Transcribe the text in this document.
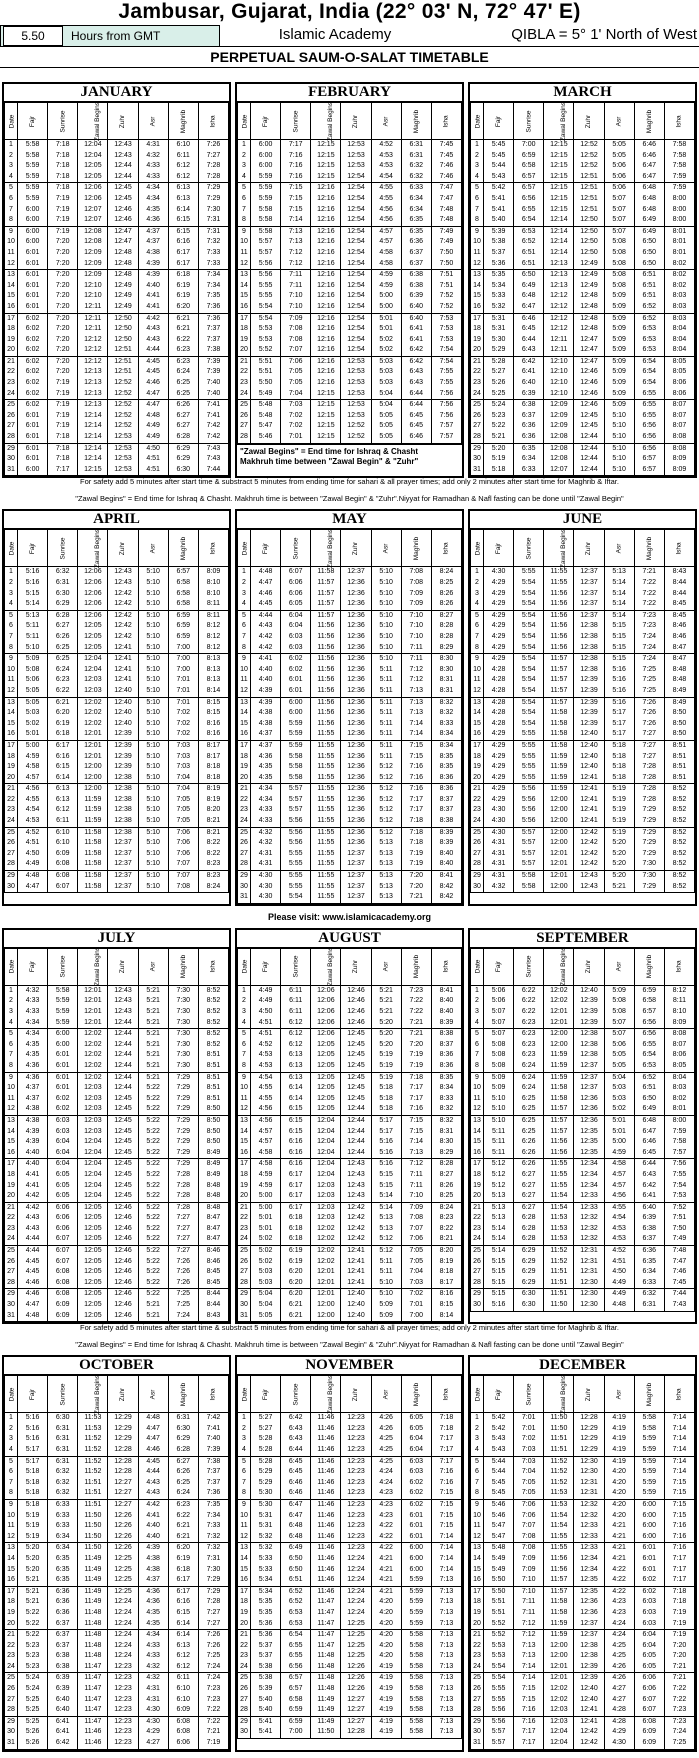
Jambusar, Gujarat, India (22° 03' N, 72° 47' E)
5.50	Hours from GMT	Islamic Academy	QIBLA = 5° 1' North of West
PERPETUAL SAUM-O-SALAT TIMETABLE
JANUARY
Date	Fajr	Sunrise	Zawal Begins	Zuhr	Asr	Maghrib	Isha
1	5:58	7:18	12:04	12:43	4:31	6:10	7:26
2	5:58	7:18	12:04	12:43	4:32	6:11	7:27
3	5:59	7:18	12:05	12:44	4:33	6:12	7:28
4	5:59	7:18	12:05	12:44	4:33	6:12	7:28
5	5:59	7:18	12:06	12:45	4:34	6:13	7:29
6	5:59	7:19	12:06	12:45	4:34	6:13	7:29
7	6:00	7:19	12:07	12:46	4:35	6:14	7:30
8	6:00	7:19	12:07	12:46	4:36	6:15	7:31
9	6:00	7:19	12:08	12:47	4:37	6:15	7:31
10	6:00	7:20	12:08	12:47	4:37	6:16	7:32
11	6:01	7:20	12:09	12:48	4:38	6:17	7:33
12	6:01	7:20	12:09	12:48	4:39	6:17	7:33
13	6:01	7:20	12:09	12:48	4:39	6:18	7:34
14	6:01	7:20	12:10	12:49	4:40	6:19	7:34
15	6:01	7:20	12:10	12:49	4:41	6:19	7:35
16	6:01	7:20	12:11	12:49	4:41	6:20	7:36
17	6:02	7:20	12:11	12:50	4:42	6:21	7:36
18	6:02	7:20	12:11	12:50	4:43	6:21	7:37
19	6:02	7:20	12:12	12:50	4:43	6:22	7:37
20	6:02	7:20	12:12	12:51	4:44	6:23	7:38
21	6:02	7:20	12:12	12:51	4:45	6:23	7:39
22	6:02	7:20	12:13	12:51	4:45	6:24	7:39
23	6:02	7:19	12:13	12:52	4:46	6:25	7:40
24	6:02	7:19	12:13	12:52	4:47	6:25	7:40
25	6:02	7:19	12:13	12:52	4:47	6:26	7:41
26	6:01	7:19	12:14	12:52	4:48	6:27	7:41
27	6:01	7:19	12:14	12:52	4:49	6:27	7:42
28	6:01	7:18	12:14	12:53	4:49	6:28	7:42
29	6:01	7:18	12:14	12:53	4:50	6:29	7:43
30	6:01	7:18	12:14	12:53	4:51	6:29	7:43
31	6:00	7:17	12:15	12:53	4:51	6:30	7:44
FEBRUARY
Date	Fajr	Sunrise	Zawal Begins	Zuhr	Asr	Maghrib	Isha
1	6:00	7:17	12:15	12:53	4:52	6:31	7:45
2	6:00	7:16	12:15	12:53	4:53	6:31	7:45
3	6:00	7:16	12:15	12:53	4:53	6:32	7:46
4	5:59	7:16	12:15	12:54	4:54	6:32	7:46
5	5:59	7:15	12:16	12:54	4:55	6:33	7:47
6	5:59	7:15	12:16	12:54	4:55	6:34	7:47
7	5:58	7:15	12:16	12:54	4:56	6:34	7:48
8	5:58	7:14	12:16	12:54	4:56	6:35	7:48
9	5:58	7:13	12:16	12:54	4:57	6:35	7:49
10	5:57	7:13	12:16	12:54	4:57	6:36	7:49
11	5:57	7:12	12:16	12:54	4:58	6:37	7:50
12	5:56	7:12	12:16	12:54	4:58	6:37	7:50
13	5:56	7:11	12:16	12:54	4:59	6:38	7:51
14	5:55	7:11	12:16	12:54	4:59	6:38	7:51
15	5:55	7:10	12:16	12:54	5:00	6:39	7:52
16	5:54	7:10	12:16	12:54	5:00	6:40	7:52
17	5:54	7:09	12:16	12:54	5:01	6:40	7:53
18	5:53	7:08	12:16	12:54	5:01	6:41	7:53
19	5:53	7:08	12:16	12:54	5:02	6:41	7:53
20	5:52	7:07	12:16	12:54	5:02	6:42	7:54
21	5:51	7:06	12:16	12:53	5:03	6:42	7:54
22	5:51	7:05	12:16	12:53	5:03	6:43	7:55
23	5:50	7:05	12:16	12:53	5:03	6:43	7:55
24	5:49	7:04	12:15	12:53	5:04	6:44	7:56
25	5:48	7:03	12:15	12:53	5:04	6:44	7:56
26	5:48	7:02	12:15	12:53	5:05	6:45	7:56
27	5:47	7:02	12:15	12:52	5:05	6:45	7:57
28	5:46	7:01	12:15	12:52	5:05	6:46	7:57
"Zawal Begins" = End time for Ishraq & Chasht
Makhruh time between "Zawal Begin" & "Zuhr"
MARCH
Date	Fajr	Sunrise	Zawal Begins	Zuhr	Asr	Maghrib	Isha
1	5:45	7:00	12:15	12:52	5:05	6:46	7:58
2	5:45	6:59	12:15	12:52	5:05	6:46	7:58
3	5:44	6:58	12:15	12:52	5:06	6:47	7:58
4	5:43	6:57	12:15	12:51	5:06	6:47	7:59
5	5:42	6:57	12:15	12:51	5:06	6:48	7:59
6	5:41	6:56	12:15	12:51	5:07	6:48	8:00
7	5:41	6:55	12:15	12:51	5:07	6:48	8:00
8	5:40	6:54	12:14	12:50	5:07	6:49	8:00
9	5:39	6:53	12:14	12:50	5:07	6:49	8:01
10	5:38	6:52	12:14	12:50	5:08	6:50	8:01
11	5:37	6:51	12:14	12:50	5:08	6:50	8:01
12	5:36	6:51	12:13	12:49	5:08	6:50	8:02
13	5:35	6:50	12:13	12:49	5:08	6:51	8:02
14	5:34	6:49	12:13	12:49	5:08	6:51	8:02
15	5:33	6:48	12:12	12:48	5:09	6:51	8:03
16	5:32	6:47	12:12	12:48	5:09	6:52	8:03
17	5:31	6:46	12:12	12:48	5:09	6:52	8:03
18	5:31	6:45	12:12	12:48	5:09	6:53	8:04
19	5:30	6:44	12:11	12:47	5:09	6:53	8:04
20	5:29	6:43	12:11	12:47	5:09	6:53	8:04
21	5:28	6:42	12:10	12:47	5:09	6:54	8:05
22	5:27	6:41	12:10	12:46	5:09	6:54	8:05
23	5:26	6:40	12:10	12:46	5:09	6:54	8:06
24	5:25	6:39	12:10	12:46	5:09	6:55	8:06
25	5:24	6:38	12:09	12:46	5:09	6:55	8:07
26	5:23	6:37	12:09	12:45	5:10	6:55	8:07
27	5:22	6:36	12:09	12:45	5:10	6:56	8:07
28	5:21	6:36	12:08	12:44	5:10	6:56	8:08
29	5:20	6:35	12:08	12:44	5:10	6:56	8:08
30	5:19	6:34	12:08	12:44	5:10	6:57	8:09
31	5:18	6:33	12:07	12:44	5:10	6:57	8:09
For safety add 5 minutes after start time & substract 5 minutes from ending time for sahari & all prayer times; add only 2 minutes after start time for Maghrib & Iftar.
"Zawal Begins" = End time for Ishraq & Chasht. Makhruh time is between "Zawal Begin" & "Zuhr".Niyyat for Ramadhan & Nafl fasting can be done until "Zawal Begin"
APRIL
Date	Fajr	Sunrise	Zawal Begins	Zuhr	Asr	Maghrib	Isha
1	5:16	6:32	12:06	12:43	5:10	6:57	8:09
2	5:16	6:31	12:06	12:43	5:10	6:58	8:10
3	5:15	6:30	12:06	12:42	5:10	6:58	8:10
4	5:14	6:29	12:06	12:42	5:10	6:58	8:11
5	5:13	6:28	12:06	12:42	5:10	6:59	8:11
6	5:11	6:27	12:05	12:42	5:10	6:59	8:12
7	5:11	6:26	12:05	12:42	5:10	6:59	8:12
8	5:10	6:25	12:05	12:41	5:10	7:00	8:12
9	5:09	6:25	12:04	12:41	5:10	7:00	8:13
10	5:08	6:24	12:04	12:41	5:10	7:00	8:13
11	5:06	6:23	12:03	12:41	5:10	7:01	8:13
12	5:05	6:22	12:03	12:40	5:10	7:01	8:14
13	5:05	6:21	12:02	12:40	5:10	7:01	8:15
14	5:03	6:20	12:02	12:40	5:10	7:02	8:15
15	5:02	6:19	12:02	12:40	5:10	7:02	8:16
16	5:01	6:18	12:01	12:39	5:10	7:02	8:16
17	5:00	6:17	12:01	12:39	5:10	7:03	8:17
18	4:59	6:16	12:01	12:39	5:10	7:03	8:17
19	4:58	6:15	12:00	12:39	5:10	7:03	8:18
20	4:57	6:14	12:00	12:38	5:10	7:04	8:18
21	4:56	6:13	12:00	12:38	5:10	7:04	8:19
22	4:55	6:13	11:59	12:38	5:10	7:05	8:19
23	4:54	6:12	11:59	12:38	5:10	7:05	8:20
24	4:53	6:11	11:59	12:38	5:10	7:05	8:21
25	4:52	6:10	11:58	12:38	5:10	7:06	8:21
26	4:51	6:10	11:58	12:37	5:10	7:06	8:22
27	4:50	6:09	11:58	12:37	5:10	7:06	8:22
28	4:49	6:08	11:58	12:37	5:10	7:07	8:23
29	4:48	6:08	11:58	12:37	5:10	7:07	8:23
30	4:47	6:07	11:58	12:37	5:10	7:08	8:24
MAY
Date	Fajr	Sunrise	Zawal Begins	Zuhr	Asr	Maghrib	Isha
1	4:48	6:07	11:58	12:37	5:10	7:08	8:24
2	4:47	6:06	11:57	12:36	5:10	7:08	8:25
3	4:46	6:06	11:57	12:36	5:10	7:09	8:26
4	4:45	6:05	11:57	12:36	5:10	7:09	8:26
5	4:44	6:04	11:57	12:36	5:10	7:10	8:27
6	4:43	6:04	11:56	12:36	5:10	7:10	8:28
7	4:42	6:03	11:56	12:36	5:10	7:10	8:28
8	4:42	6:03	11:56	12:36	5:10	7:11	8:29
9	4:41	6:02	11:56	12:36	5:10	7:11	8:30
10	4:40	6:02	11:56	12:36	5:11	7:12	8:30
11	4:40	6:01	11:56	12:36	5:11	7:12	8:31
12	4:39	6:01	11:56	12:36	5:11	7:13	8:31
13	4:39	6:00	11:56	12:36	5:11	7:13	8:32
14	4:38	6:00	11:56	12:36	5:11	7:13	8:32
15	4:38	5:59	11:56	12:36	5:11	7:14	8:33
16	4:37	5:59	11:55	12:36	5:11	7:14	8:34
17	4:37	5:59	11:55	12:36	5:11	7:15	8:34
18	4:36	5:58	11:55	12:36	5:11	7:15	8:35
19	4:35	5:58	11:55	12:36	5:12	7:16	8:35
20	4:35	5:58	11:55	12:36	5:12	7:16	8:36
21	4:34	5:57	11:55	12:36	5:12	7:16	8:36
22	4:34	5:57	11:55	12:36	5:12	7:17	8:37
23	4:33	5:57	11:55	12:36	5:12	7:17	8:37
24	4:33	5:56	11:55	12:36	5:12	7:18	8:38
25	4:32	5:56	11:55	12:36	5:12	7:18	8:39
26	4:32	5:56	11:55	12:36	5:13	7:18	8:39
27	4:31	5:55	11:55	12:37	5:13	7:19	8:40
28	4:31	5:55	11:55	12:37	5:13	7:19	8:40
29	4:30	5:55	11:55	12:37	5:13	7:20	8:41
30	4:30	5:55	11:55	12:37	5:13	7:20	8:42
31	4:30	5:54	11:55	12:37	5:13	7:21	8:42
JUNE
Date	Fajr	Sunrise	Zawal Begins	Zuhr	Asr	Maghrib	Isha
1	4:30	5:55	11:55	12:37	5:13	7:21	8:43
2	4:29	5:54	11:55	12:37	5:14	7:22	8:44
3	4:29	5:54	11:56	12:37	5:14	7:22	8:44
4	4:29	5:54	11:56	12:37	5:14	7:22	8:45
5	4:29	5:54	11:56	12:37	5:14	7:23	8:45
6	4:29	5:54	11:56	12:38	5:15	7:23	8:46
7	4:29	5:54	11:56	12:38	5:15	7:24	8:46
8	4:29	5:54	11:56	12:38	5:15	7:24	8:47
9	4:29	5:54	11:57	12:38	5:15	7:24	8:47
10	4:28	5:54	11:57	12:38	5:16	7:25	8:48
11	4:28	5:54	11:57	12:39	5:16	7:25	8:48
12	4:28	5:54	11:57	12:39	5:16	7:25	8:49
13	4:28	5:54	11:57	12:39	5:16	7:26	8:49
14	4:28	5:54	11:58	12:39	5:17	7:26	8:50
15	4:28	5:54	11:58	12:39	5:17	7:26	8:50
16	4:29	5:55	11:58	12:40	5:17	7:27	8:50
17	4:29	5:55	11:58	12:40	5:18	7:27	8:51
18	4:29	5:55	11:59	12:40	5:18	7:27	8:51
19	4:29	5:55	11:59	12:40	5:18	7:28	8:51
20	4:29	5:55	11:59	12:41	5:18	7:28	8:51
21	4:29	5:56	11:59	12:41	5:19	7:28	8:52
22	4:29	5:56	12:00	12:41	5:19	7:28	8:52
23	4:30	5:56	12:00	12:41	5:19	7:29	8:52
24	4:30	5:56	12:00	12:41	5:19	7:29	8:52
25	4:30	5:57	12:00	12:42	5:19	7:29	8:52
26	4:31	5:57	12:00	12:42	5:20	7:29	8:52
27	4:31	5:57	12:01	12:42	5:20	7:29	8:52
28	4:31	5:57	12:01	12:42	5:20	7:30	8:52
29	4:31	5:58	12:01	12:43	5:20	7:30	8:52
30	4:32	5:58	12:00	12:43	5:21	7:29	8:52
Please visit: www.islamicacademy.org
JULY
Date	Fajr	Sunrise	Zawal Begins	Zuhr	Asr	Maghrib	Isha
1	4:32	5:58	12:01	12:43	5:21	7:30	8:52
2	4:33	5:59	12:01	12:43	5:21	7:30	8:52
3	4:33	5:59	12:01	12:43	5:21	7:30	8:52
4	4:34	5:59	12:01	12:44	5:21	7:30	8:52
5	4:34	6:00	12:02	12:44	5:21	7:30	8:52
6	4:35	6:00	12:02	12:44	5:21	7:30	8:52
7	4:35	6:01	12:02	12:44	5:21	7:30	8:51
8	4:36	6:01	12:02	12:44	5:21	7:30	8:51
9	4:36	6:01	12:02	12:44	5:21	7:29	8:51
10	4:37	6:01	12:03	12:44	5:22	7:29	8:51
11	4:37	6:02	12:03	12:45	5:22	7:29	8:51
12	4:38	6:02	12:03	12:45	5:22	7:29	8:50
13	4:38	6:03	12:03	12:45	5:22	7:29	8:50
14	4:39	6:03	12:03	12:45	5:22	7:29	8:50
15	4:39	6:04	12:04	12:45	5:22	7:29	8:50
16	4:40	6:04	12:04	12:45	5:22	7:29	8:49
17	4:40	6:04	12:04	12:45	5:22	7:29	8:49
18	4:41	6:05	12:04	12:45	5:22	7:28	8:49
19	4:41	6:05	12:04	12:45	5:22	7:28	8:48
20	4:42	6:05	12:04	12:45	5:22	7:28	8:48
21	4:42	6:06	12:05	12:46	5:22	7:28	8:48
22	4:43	6:06	12:05	12:46	5:22	7:27	8:47
23	4:43	6:06	12:05	12:46	5:22	7:27	8:47
24	4:44	6:07	12:05	12:46	5:22	7:27	8:47
25	4:44	6:07	12:05	12:46	5:22	7:27	8:46
26	4:45	6:07	12:05	12:46	5:22	7:26	8:46
27	4:45	6:08	12:05	12:46	5:22	7:26	8:45
28	4:46	6:08	12:05	12:46	5:22	7:26	8:45
29	4:46	6:08	12:05	12:46	5:22	7:25	8:44
30	4:47	6:09	12:05	12:46	5:21	7:25	8:44
31	4:48	6:09	12:05	12:46	5:21	7:24	8:43
AUGUST
Date	Fajr	Sunrise	Zawal Begins	Zuhr	Asr	Maghrib	Isha
1	4:49	6:11	12:06	12:46	5:21	7:23	8:41
2	4:49	6:11	12:06	12:46	5:21	7:22	8:40
3	4:50	6:11	12:06	12:46	5:21	7:22	8:40
4	4:51	6:12	12:06	12:46	5:20	7:21	8:39
5	4:51	6:12	12:06	12:45	5:20	7:21	8:38
6	4:52	6:12	12:05	12:45	5:20	7:20	8:37
7	4:53	6:13	12:05	12:45	5:19	7:19	8:36
8	4:53	6:13	12:05	12:45	5:19	7:19	8:36
9	4:54	6:13	12:05	12:45	5:19	7:18	8:35
10	4:55	6:14	12:05	12:45	5:18	7:17	8:34
11	4:55	6:14	12:05	12:45	5:18	7:17	8:33
12	4:56	6:15	12:05	12:44	5:18	7:16	8:32
13	4:56	6:15	12:04	12:44	5:17	7:15	8:32
14	4:57	6:15	12:04	12:44	5:17	7:15	8:31
15	4:57	6:16	12:04	12:44	5:16	7:14	8:30
16	4:58	6:16	12:04	12:44	5:16	7:13	8:29
17	4:58	6:16	12:04	12:43	5:16	7:12	8:28
18	4:59	6:17	12:04	12:43	5:15	7:11	8:27
19	4:59	6:17	12:03	12:43	5:15	7:11	8:26
20	5:00	6:17	12:03	12:43	5:14	7:10	8:25
21	5:00	6:17	12:03	12:42	5:14	7:09	8:24
22	5:01	6:18	12:03	12:42	5:13	7:08	8:23
23	5:01	6:18	12:02	12:42	5:13	7:07	8:22
24	5:02	6:18	12:02	12:42	5:12	7:06	8:21
25	5:02	6:19	12:02	12:41	5:12	7:05	8:20
26	5:02	6:19	12:02	12:41	5:11	7:05	8:19
27	5:03	6:20	12:01	12:41	5:11	7:04	8:18
28	5:03	6:20	12:01	12:41	5:10	7:03	8:17
29	5:04	6:20	12:01	12:40	5:10	7:02	8:16
30	5:04	6:21	12:00	12:40	5:09	7:01	8:15
31	5:05	6:21	12:00	12:40	5:09	7:00	8:14
SEPTEMBER
Date	Fajr	Sunrise	Zawal Begins	Zuhr	Asr	Maghrib	Isha
1	5:06	6:22	12:02	12:40	5:09	6:59	8:12
2	5:06	6:22	12:02	12:39	5:08	6:58	8:11
3	5:07	6:22	12:01	12:39	5:08	6:57	8:10
4	5:07	6:23	12:01	12:39	5:07	6:56	8:09
5	5:07	6:23	12:00	12:38	5:07	6:56	8:08
6	5:08	6:23	12:00	12:38	5:06	6:55	8:07
7	5:08	6:23	11:59	12:38	5:05	6:54	8:06
8	5:08	6:24	11:59	12:37	5:05	6:53	8:05
9	5:09	6:24	11:59	12:37	5:04	6:52	8:04
10	5:09	6:24	11:58	12:37	5:03	6:51	8:03
11	5:10	6:25	11:58	12:36	5:03	6:50	8:02
12	5:10	6:25	11:57	12:36	5:02	6:49	8:01
13	5:10	6:25	11:57	12:36	5:01	6:48	8:00
14	5:11	6:25	11:57	12:35	5:01	6:47	7:59
15	5:11	6:26	11:56	12:35	5:00	6:46	7:58
16	5:11	6:26	11:56	12:35	4:59	6:45	7:57
17	5:12	6:26	11:55	12:34	4:58	6:44	7:56
18	5:12	6:27	11:55	12:34	4:57	6:43	7:55
19	5:12	6:27	11:55	12:34	4:57	6:42	7:54
20	5:13	6:27	11:54	12:33	4:56	6:41	7:53
21	5:13	6:27	11:54	12:33	4:55	6:40	7:52
22	5:13	6:28	11:53	12:32	4:54	6:39	7:51
23	5:14	6:28	11:53	12:32	4:53	6:38	7:50
24	5:14	6:28	11:53	12:32	4:53	6:37	7:49
25	5:14	6:29	11:52	12:31	4:52	6:36	7:48
26	5:15	6:29	11:52	12:31	4:51	6:35	7:47
27	5:15	6:29	11:51	12:31	4:50	6:34	7:46
28	5:15	6:29	11:51	12:30	4:49	6:33	7:45
29	5:15	6:30	11:51	12:30	4:49	6:32	7:44
30	5:16	6:30	11:50	12:30	4:48	6:31	7:43
For safety add 5 minutes after start time & substract 5 minutes from ending time for sahari & all prayer times; add only 2 minutes after start time for Maghrib & Iftar.
"Zawal Begins" = End time for Ishraq & Chasht. Makhruh time is between "Zawal Begin" & "Zuhr".Niyyat for Ramadhan & Nafl fasting can be done until "Zawal Begin"
OCTOBER
Date	Fajr	Sunrise	Zawal Begins	Zuhr	Asr	Maghrib	Isha
1	5:16	6:30	11:53	12:29	4:48	6:31	7:42
2	5:16	6:31	11:53	12:29	4:47	6:30	7:41
3	5:16	6:31	11:52	12:29	4:47	6:29	7:40
4	5:17	6:31	11:52	12:28	4:46	6:28	7:39
5	5:17	6:31	11:52	12:28	4:45	6:27	7:38
6	5:18	6:32	11:52	12:28	4:44	6:26	7:37
7	5:18	6:32	11:51	12:27	4:43	6:25	7:37
8	5:18	6:32	11:51	12:27	4:43	6:24	7:36
9	5:18	6:33	11:51	12:27	4:42	6:23	7:35
10	5:19	6:33	11:50	12:26	4:41	6:22	7:34
11	5:19	6:33	11:50	12:26	4:40	6:21	7:33
12	5:19	6:34	11:50	12:26	4:40	6:21	7:32
13	5:20	6:34	11:50	12:26	4:39	6:20	7:32
14	5:20	6:35	11:49	12:25	4:38	6:19	7:31
15	5:20	6:35	11:49	12:25	4:38	6:18	7:30
16	5:21	6:35	11:49	12:25	4:37	6:17	7:29
17	5:21	6:36	11:49	12:25	4:36	6:17	7:29
18	5:21	6:36	11:49	12:24	4:36	6:16	7:28
19	5:22	6:36	11:48	12:24	4:35	6:15	7:27
20	5:22	6:37	11:48	12:24	4:35	6:14	7:27
21	5:22	6:37	11:48	12:24	4:34	6:14	7:26
22	5:23	6:37	11:48	12:24	4:33	6:13	7:26
23	5:23	6:38	11:48	12:24	4:33	6:12	7:25
24	5:23	6:38	11:47	12:23	4:32	6:12	7:24
25	5:24	6:39	11:47	12:23	4:32	6:11	7:24
26	5:24	6:39	11:47	12:23	4:31	6:10	7:23
27	5:25	6:40	11:47	12:23	4:31	6:10	7:23
28	5:25	6:40	11:47	12:23	4:30	6:09	7:22
29	5:25	6:41	11:47	12:23	4:30	6:08	7:22
30	5:26	6:41	11:46	12:23	4:29	6:08	7:21
31	5:26	6:42	11:46	12:23	4:27	6:06	7:19
NOVEMBER
Date	Fajr	Sunrise	Zawal Begins	Zuhr	Asr	Maghrib	Isha
1	5:27	6:42	11:46	12:23	4:26	6:05	7:18
2	5:27	6:43	11:46	12:23	4:26	6:05	7:18
3	5:28	6:43	11:46	12:23	4:25	6:04	7:17
4	5:28	6:44	11:46	12:23	4:25	6:04	7:17
5	5:28	6:45	11:46	12:23	4:25	6:03	7:17
6	5:29	6:45	11:46	12:23	4:24	6:03	7:16
7	5:29	6:46	11:46	12:23	4:24	6:02	7:16
8	5:30	6:46	11:46	12:23	4:23	6:02	7:15
9	5:30	6:47	11:46	12:23	4:23	6:02	7:15
10	5:31	6:47	11:46	12:23	4:23	6:01	7:15
11	5:31	6:48	11:46	12:23	4:22	6:01	7:15
12	5:32	6:48	11:46	12:23	4:22	6:01	7:14
13	5:32	6:49	11:46	12:23	4:22	6:00	7:14
14	5:33	6:50	11:46	12:24	4:21	6:00	7:14
15	5:33	6:50	11:46	12:24	4:21	6:00	7:14
16	5:34	6:51	11:46	12:24	4:21	5:59	7:13
17	5:34	6:52	11:46	12:24	4:21	5:59	7:13
18	5:35	6:52	11:47	12:24	4:20	5:59	7:13
19	5:35	6:53	11:47	12:24	4:20	5:59	7:13
20	5:36	6:53	11:47	12:25	4:20	5:59	7:13
21	5:36	6:54	11:47	12:25	4:20	5:58	7:13
22	5:37	6:55	11:47	12:25	4:20	5:58	7:13
23	5:37	6:55	11:48	12:25	4:20	5:58	7:13
24	5:38	6:56	11:48	12:26	4:19	5:58	7:13
25	5:38	6:57	11:48	12:26	4:19	5:58	7:13
26	5:39	6:57	11:48	12:26	4:19	5:58	7:13
27	5:40	6:58	11:49	12:27	4:19	5:58	7:13
28	5:40	6:59	11:49	12:27	4:19	5:58	7:13
29	5:41	6:59	11:49	12:27	4:19	5:58	7:13
30	5:41	7:00	11:50	12:28	4:19	5:58	7:13
DECEMBER
Date	Fajr	Sunrise	Zawal Begins	Zuhr	Asr	Maghrib	Isha
1	5:42	7:01	11:50	12:28	4:19	5:58	7:14
2	5:42	7:01	11:50	12:29	4:19	5:58	7:14
3	5:43	7:02	11:51	12:29	4:19	5:59	7:14
4	5:43	7:03	11:51	12:29	4:19	5:59	7:14
5	5:44	7:03	11:52	12:30	4:19	5:59	7:14
6	5:44	7:04	11:52	12:30	4:20	5:59	7:14
7	5:45	7:05	11:52	12:31	4:20	5:59	7:15
8	5:45	7:05	11:53	12:31	4:20	5:59	7:15
9	5:46	7:06	11:53	12:32	4:20	6:00	7:15
10	5:46	7:06	11:54	12:32	4:20	6:00	7:15
11	5:47	7:07	11:54	12:33	4:21	6:00	7:16
12	5:47	7:08	11:55	12:33	4:21	6:00	7:16
13	5:48	7:08	11:55	12:33	4:21	6:01	7:16
14	5:49	7:09	11:56	12:34	4:21	6:01	7:17
15	5:49	7:09	11:56	12:34	4:22	6:01	7:17
16	5:50	7:10	11:57	12:35	4:22	6:02	7:17
17	5:50	7:10	11:57	12:35	4:22	6:02	7:18
18	5:51	7:11	11:58	12:36	4:23	6:03	7:18
19	5:51	7:11	11:58	12:36	4:23	6:03	7:19
20	5:52	7:12	11:59	12:37	4:24	6:03	7:19
21	5:52	7:12	11:59	12:37	4:24	6:04	7:19
22	5:53	7:13	12:00	12:38	4:25	6:04	7:20
23	5:53	7:13	12:00	12:38	4:25	6:05	7:20
24	5:54	7:14	12:01	12:39	4:26	6:05	7:21
25	5:54	7:14	12:01	12:39	4:26	6:06	7:21
26	5:55	7:15	12:02	12:40	4:27	6:06	7:22
27	5:55	7:15	12:02	12:40	4:27	6:07	7:22
28	5:56	7:16	12:03	12:41	4:28	6:07	7:23
29	5:56	7:16	12:03	12:41	4:28	6:08	7:23
30	5:57	7:17	12:04	12:42	4:29	6:09	7:24
31	5:57	7:17	12:04	12:42	4:30	6:09	7:25
